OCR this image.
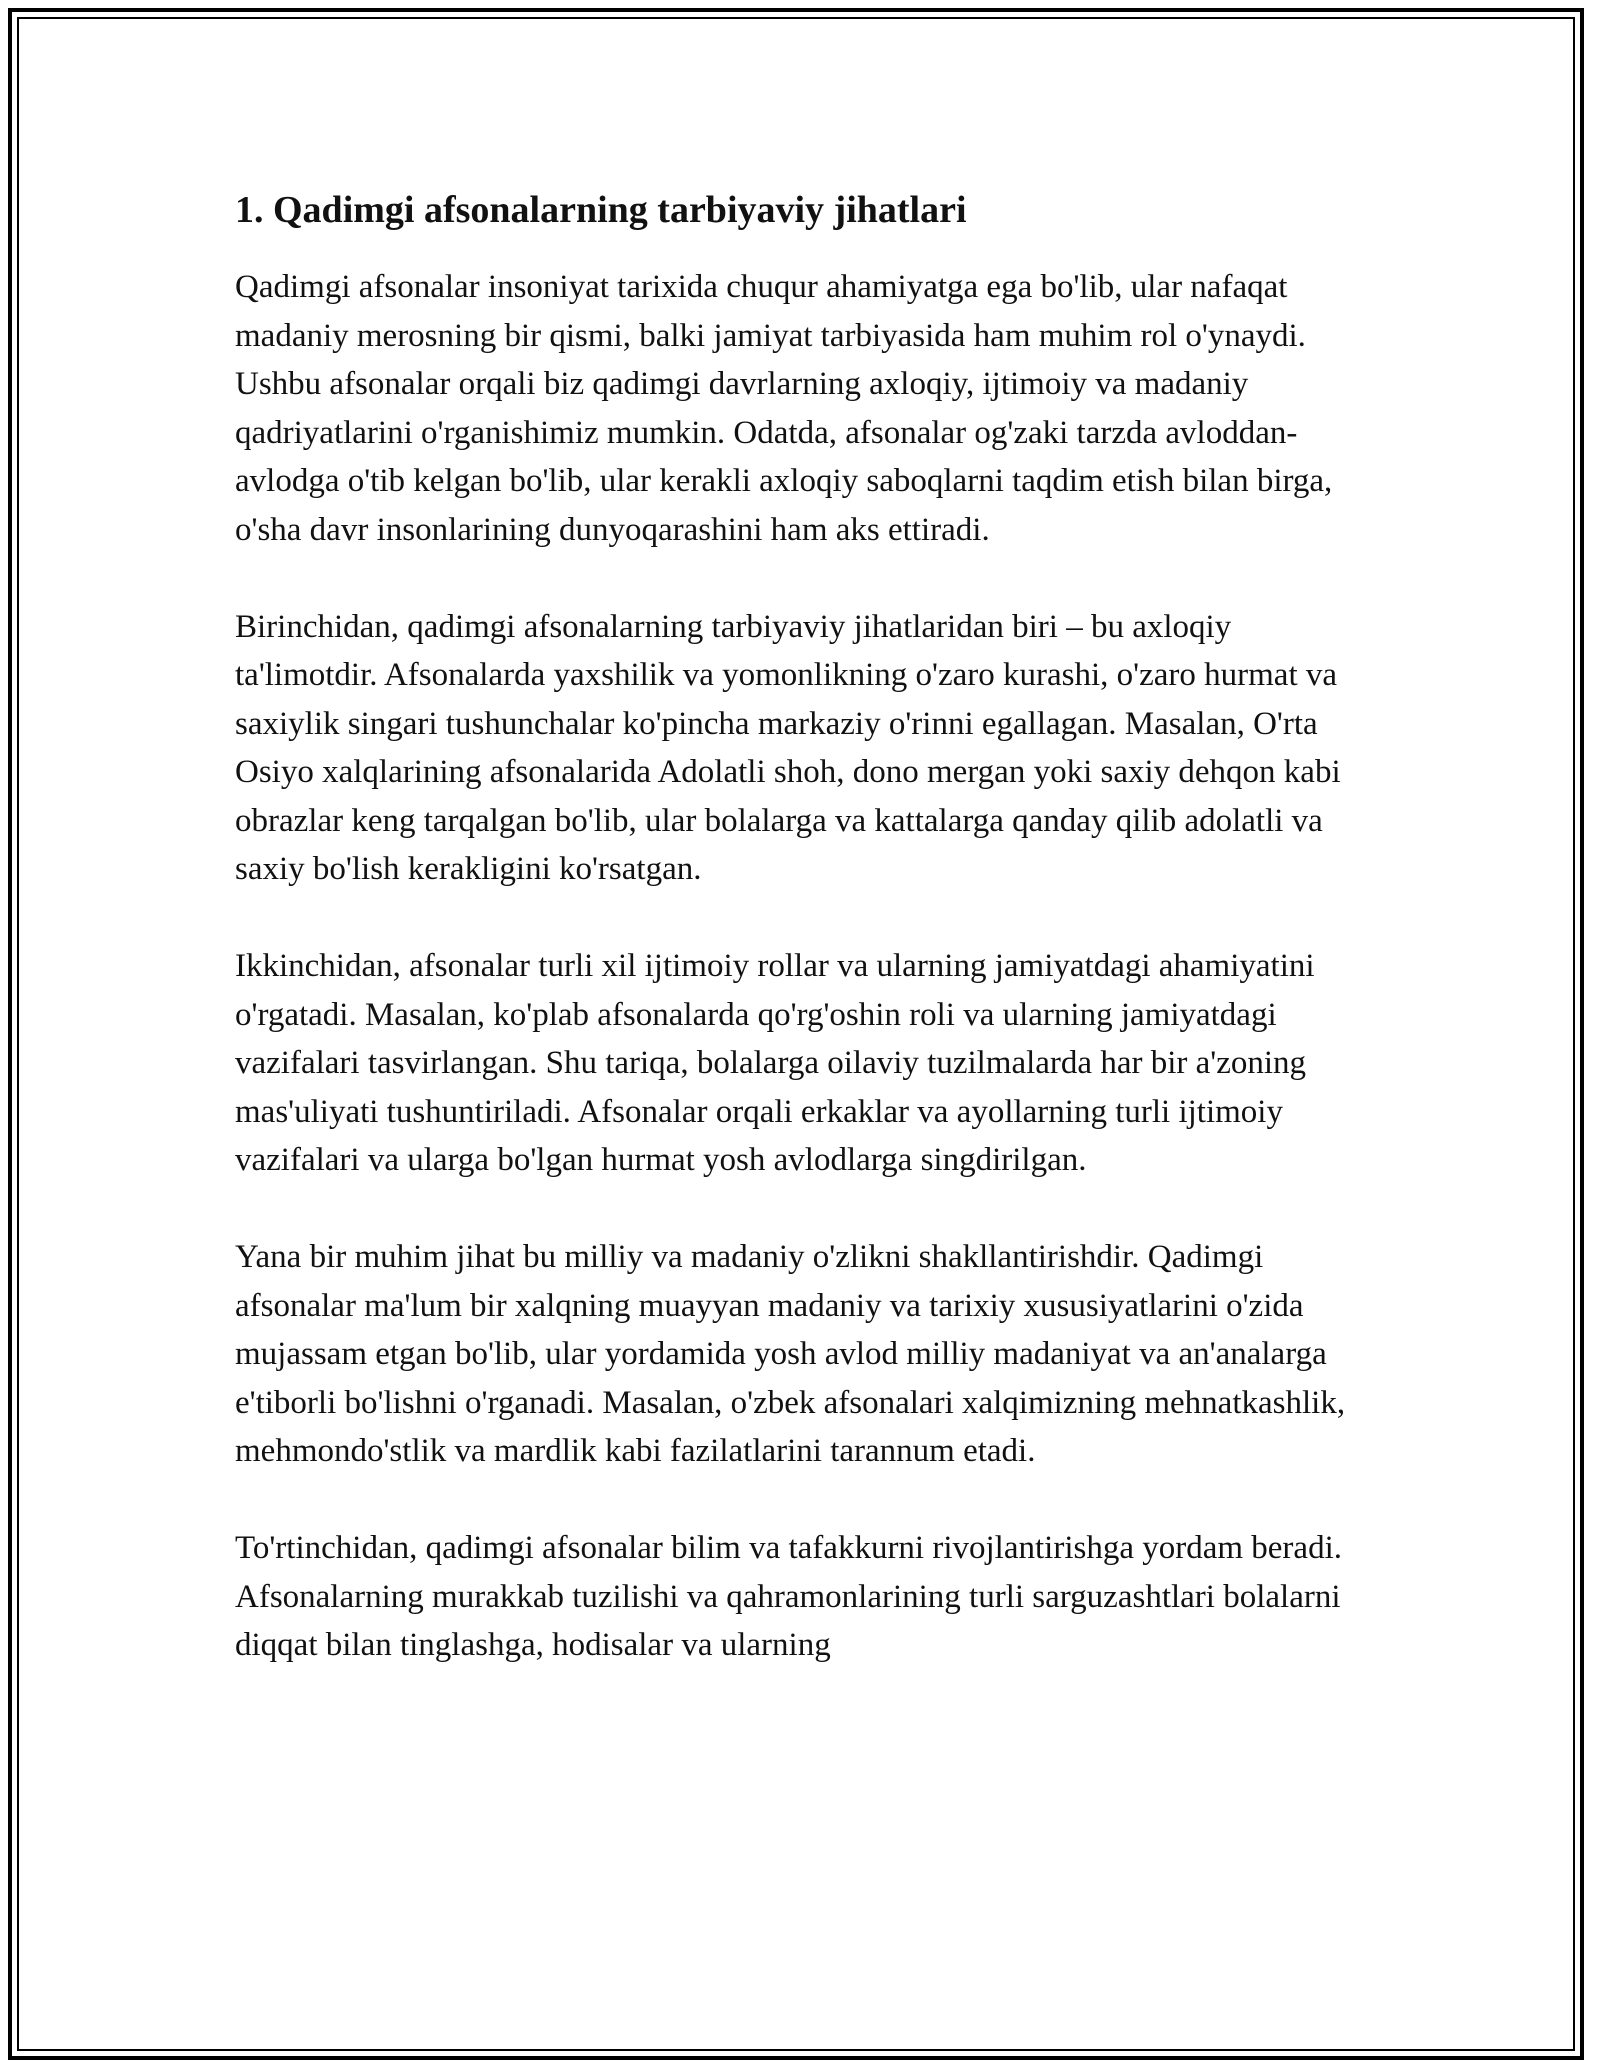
1. Qadimgi afsonalarning tarbiyaviy jihatlari

Qadimgi afsonalar insoniyat tarixida chuqur ahamiyatga ega bo'lib, ular nafaqat madaniy merosning bir qismi, balki jamiyat tarbiyasida ham muhim rol o'ynaydi. Ushbu afsonalar orqali biz qadimgi davrlarning axloqiy, ijtimoiy va madaniy qadriyatlarini o'rganishimiz mumkin. Odatda, afsonalar og'zaki tarzda avloddan-avlodga o'tib kelgan bo'lib, ular kerakli axloqiy saboqlarni taqdim etish bilan birga, o'sha davr insonlarining dunyoqarashini ham aks ettiradi.

Birinchidan, qadimgi afsonalarning tarbiyaviy jihatlaridan biri – bu axloqiy ta'limotdir. Afsonalarda yaxshilik va yomonlikning o'zaro kurashi, o'zaro hurmat va saxiylik singari tushunchalar ko'pincha markaziy o'rinni egallagan. Masalan, O'rta Osiyo xalqlarining afsonalarida Adolatli shoh, dono mergan yoki saxiy dehqon kabi obrazlar keng tarqalgan bo'lib, ular bolalarga va kattalarga qanday qilib adolatli va saxiy bo'lish kerakligini ko'rsatgan.

Ikkinchidan, afsonalar turli xil ijtimoiy rollar va ularning jamiyatdagi ahamiyatini o'rgatadi. Masalan, ko'plab afsonalarda qo'rg'oshin roli va ularning jamiyatdagi vazifalari tasvirlangan. Shu tariqa, bolalarga oilaviy tuzilmalarda har bir a'zoning mas'uliyati tushuntiriladi. Afsonalar orqali erkaklar va ayollarning turli ijtimoiy vazifalari va ularga bo'lgan hurmat yosh avlodlarga singdirilgan.

Yana bir muhim jihat bu milliy va madaniy o'zlikni shakllantirishdir. Qadimgi afsonalar ma'lum bir xalqning muayyan madaniy va tarixiy xususiyatlarini o'zida mujassam etgan bo'lib, ular yordamida yosh avlod milliy madaniyat va an'analarga e'tiborli bo'lishni o'rganadi. Masalan, o'zbek afsonalari xalqimizning mehnatkashlik, mehmondo'stlik va mardlik kabi fazilatlarini tarannum etadi.

To'rtinchidan, qadimgi afsonalar bilim va tafakkurni rivojlantirishga yordam beradi. Afsonalarning murakkab tuzilishi va qahramonlarining turli sarguzashtlari bolalarni diqqat bilan tinglashga, hodisalar va ularning
